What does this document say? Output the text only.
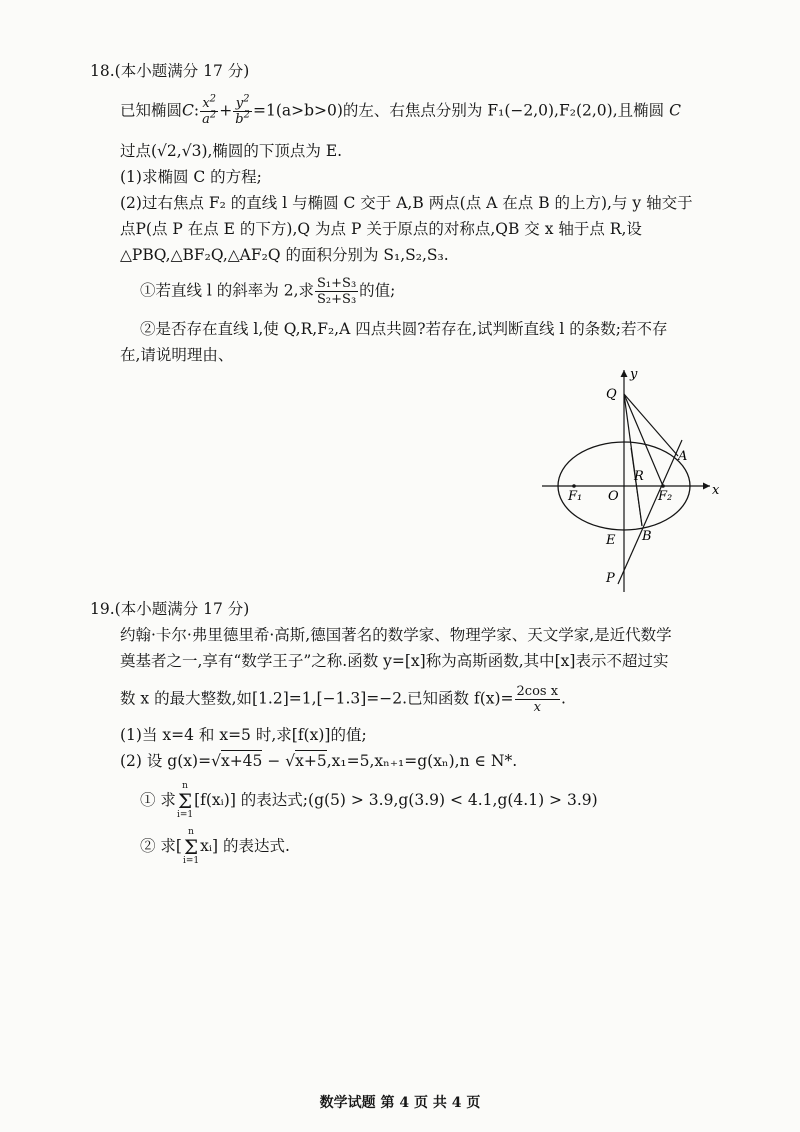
18.(本小题满分 17 分)
已知椭圆C: $\frac{x^2}{a^2} + \frac{y^2}{b^2} =1(a>b>0)$的左、右焦点分别为 F₁(−2,0),F₂(2,0),且椭圆 C
过点(√2,√3),椭圆的下顶点为 E.
(1)求椭圆 C 的方程;
(2)过右焦点 F₂ 的直线 l 与椭圆 C 交于 A,B 两点(点 A 在点 B 的上方),与 y 轴交于
点P(点 P 在点 E 的下方),Q 为点 P 关于原点的对称点,QB 交 x 轴于点 R,设
△PBQ,△BF₂Q,△AF₂Q 的面积分别为 S₁,S₂,S₃.
①若直线 l 的斜率为 2,求 $\frac{\text{S₁+S₃}}{\text{S₂+S₃}}$ 的值;
②是否存在直线 l,使 Q,R,F₂,A 四点共圆?若存在,试判断直线 l 的条数;若不存
在,请说明理由、
y
x
Q
A
R
F₁ O	F₂
E B
P
19.(本小题满分 17 分)
约翰·卡尔·弗里德里希·高斯,德国著名的数学家、物理学家、天文学家,是近代数学
奠基者之一,享有“数学王子”之称.函数 y=[x]称为高斯函数,其中[x]表示不超过实
数 x 的最大整数,如[1.2]=1,[−1.3]=−2.已知函数 $f(x)= \frac{\text{2cos x}}{x}$ .
(1)当 x=4 和 x=5 时,求[f(x)]的值;
(2) 设 g(x)=√x+45 − √x+5,x₁=5,xₙ₊₁=g(xₙ),n ∈ N*.
① 求n
Σ
i=1[f(xᵢ)] 的表达式;(g(5) > 3.9,g(3.9) < 4.1,g(4.1) > 3.9)
② 求[n
Σ
i=1xᵢ] 的表达式.
数学试题 第 4 页 共 4 页
